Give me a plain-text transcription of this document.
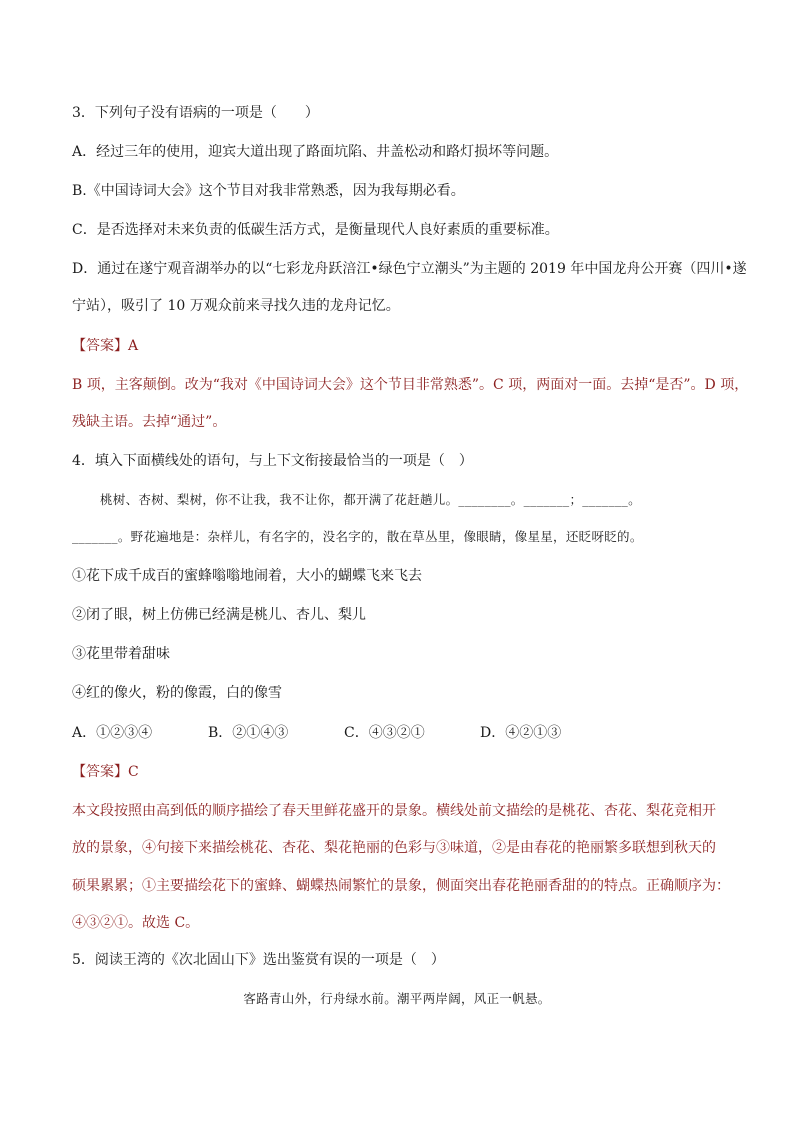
3．下列句子没有语病的一项是（　　）
A．经过三年的使用，迎宾大道出现了路面坑陷、井盖松动和路灯损坏等问题。
B.《中国诗词大会》这个节目对我非常熟悉，因为我每期必看。
C．是否选择对未来负责的低碳生活方式，是衡量现代人良好素质的重要标准。
D．通过在遂宁观音湖举办的以“七彩龙舟跃涪江•绿色宁立潮头”为主题的 2019 年中国龙舟公开赛（四川•遂
宁站），吸引了 10 万观众前来寻找久违的龙舟记忆。
【答案】A
B 项，主客颠倒。改为“我对《中国诗词大会》这个节目非常熟悉”。C 项，两面对一面。去掉“是否”。D 项，
残缺主语。去掉“通过”。
4．填入下面横线处的语句，与上下文衔接最恰当的一项是（　）
桃树、杏树、梨树，你不让我，我不让你，都开满了花赶趟儿。________。_______；_______。
_______。野花遍地是：杂样儿，有名字的，没名字的，散在草丛里，像眼睛，像星星，还眨呀眨的。
①花下成千成百的蜜蜂嗡嗡地闹着，大小的蝴蝶飞来飞去
②闭了眼，树上仿佛已经满是桃儿、杏儿、梨儿
③花里带着甜味
④红的像火，粉的像霞，白的像雪
A．①②③④	B．②①④③	C．④③②①	D．④②①③
【答案】C
本文段按照由高到低的顺序描绘了春天里鲜花盛开的景象。横线处前文描绘的是桃花、杏花、梨花竞相开
放的景象，④句接下来描绘桃花、杏花、梨花艳丽的色彩与③味道，②是由春花的艳丽繁多联想到秋天的
硕果累累；①主要描绘花下的蜜蜂、蝴蝶热闹繁忙的景象，侧面突出春花艳丽香甜的的特点。正确顺序为：
④③②①。故选 C。
5．阅读王湾的《次北固山下》选出鉴赏有误的一项是（　）
客路青山外，行舟绿水前。潮平两岸阔，风正一帆悬。
